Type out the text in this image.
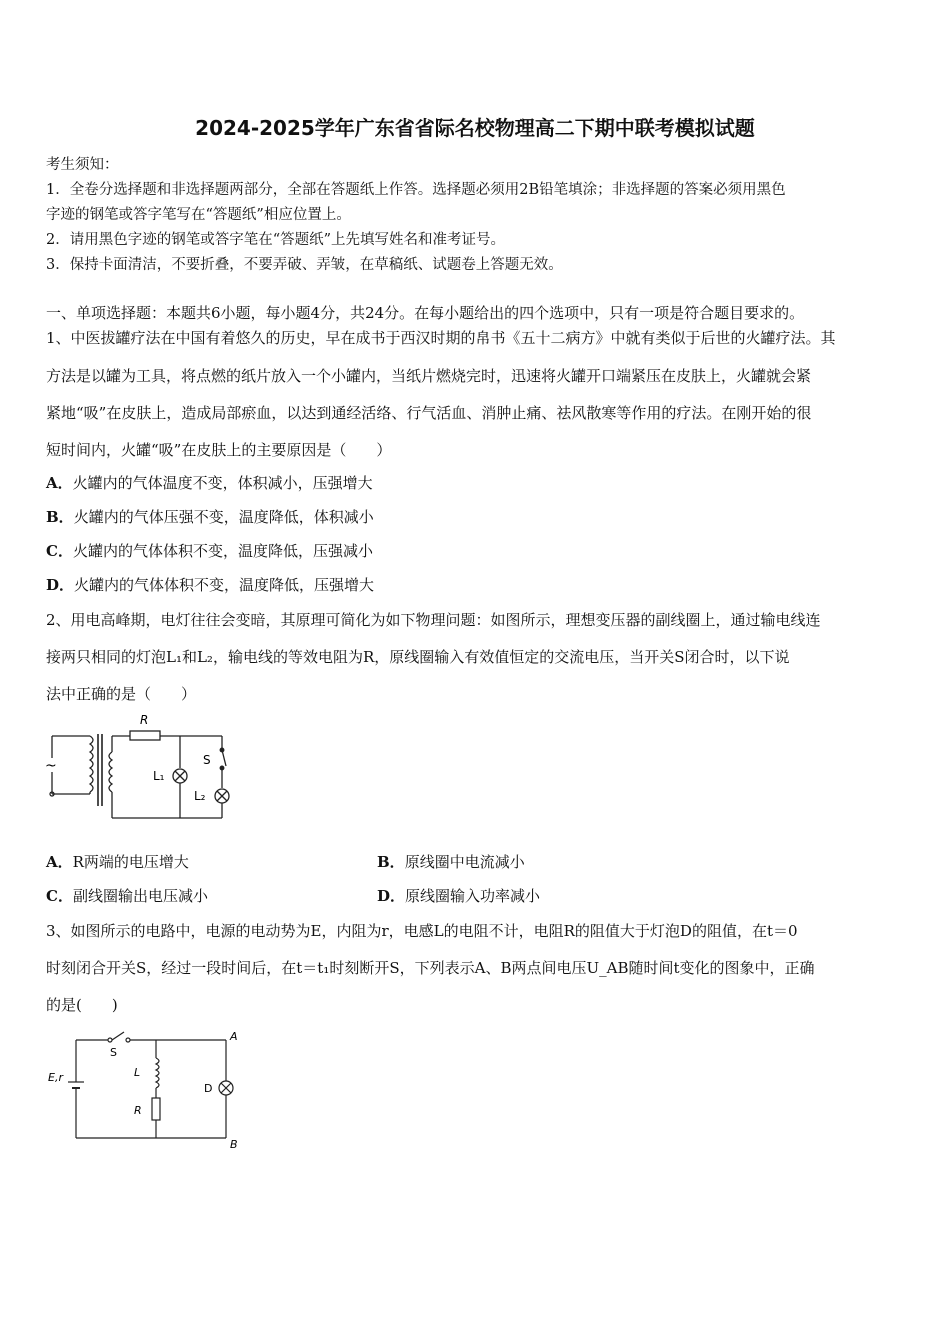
2024-2025学年广东省省际名校物理高二下期中联考模拟试题
考生须知：
1．全卷分选择题和非选择题两部分，全部在答题纸上作答。选择题必须用2B铅笔填涂；非选择题的答案必须用黑色
字迹的钢笔或答字笔写在“答题纸”相应位置上。
2．请用黑色字迹的钢笔或答字笔在“答题纸”上先填写姓名和准考证号。
3．保持卡面清洁，不要折叠，不要弄破、弄皱，在草稿纸、试题卷上答题无效。
一、单项选择题：本题共6小题，每小题4分，共24分。在每小题给出的四个选项中，只有一项是符合题目要求的。
1、中医拔罐疗法在中国有着悠久的历史，早在成书于西汉时期的帛书《五十二病方》中就有类似于后世的火罐疗法。其
方法是以罐为工具，将点燃的纸片放入一个小罐内，当纸片燃烧完时，迅速将火罐开口端紧压在皮肤上，火罐就会紧
紧地“吸”在皮肤上，造成局部瘀血，以达到通经活络、行气活血、消肿止痛、祛风散寒等作用的疗法。在刚开始的很
短时间内，火罐“吸”在皮肤上的主要原因是（　　）
A．火罐内的气体温度不变，体积减小，压强增大
B．火罐内的气体压强不变，温度降低，体积减小
C．火罐内的气体体积不变，温度降低，压强减小
D．火罐内的气体体积不变，温度降低，压强增大
2、用电高峰期，电灯往往会变暗，其原理可简化为如下物理问题：如图所示，理想变压器的副线圈上，通过输电线连
接两只相同的灯泡L₁和L₂，输电线的等效电阻为R，原线圈输入有效值恒定的交流电压，当开关S闭合时，以下说
法中正确的是（　　）
~
R
S
L₁
L₂
A．R两端的电压增大	B．原线圈中电流减小
C．副线圈输出电压减小	D．原线圈输入功率减小
3、如图所示的电路中，电源的电动势为E，内阻为r，电感L的电阻不计，电阻R的阻值大于灯泡D的阻值，在t＝0
时刻闭合开关S，经过一段时间后，在t＝t₁时刻断开S，下列表示A、B两点间电压U_AB随时间t变化的图象中，正确
的是(　　)
E,r
S
L
R
D
A
B
